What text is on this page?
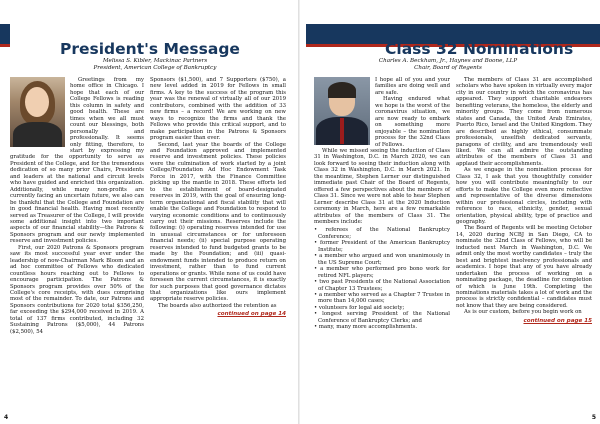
President's Message
Melissa S. Kibler, Mackinac Partners
President, American College of Bankruptcy

Greetings from my home office in Chicago. I hope that each of our College Fellows is reading this column in safety and good health. These are times when we all must count our blessings, both personally and professionally. It seems only fitting, therefore, to start by expressing my gratitude for the opportunity to serve as President of the College, and for the tremendous dedication of so many prior Chairs, Presidents and leaders at the national and circuit levels who have guided and enriched this organization. Additionally, while many non-profits are currently facing an uncertain future, we also can be thankful that the College and Foundation are in good financial health. Having most recently served as Treasurer of the College, I will provide some additional insight into two important aspects of our financial stability—the Patrons & Sponsors program and our newly implemented reserve and investment policies.

First, our 2020 Patrons & Sponsors program saw its most successful year ever under the leadership of now-Chairman Mark Bloom and an ad hoc committee of Fellows who dedicated countless hours reaching out to Fellows to encourage participation. The Patrons & Sponsors program provides over 50% of the College's core receipts, with dues comprising most of the remainder. To date, our Patrons and Sponsors contributions for 2020 total $356,250, far exceeding the $294,000 received in 2019. A total of 137 firms contributed, including 32 Sustaining Patrons ($5,000), 44 Patrons ($2,500), 54

Sponsors ($1,500), and 7 Supporters ($750), a new level added in 2019 for Fellows in small firms. A key to the success of the program this year was the renewal of virtually all of our 2019 contributors, combined with the addition of 33 new firms – a record! We are working on new ways to recognize the firms and thank the Fellows who provide this critical support, and to make participation in the Patrons & Sponsors program easier than ever.

Second, last year the boards of the College and Foundation approved and implemented reserve and investment policies. These policies were the culmination of work started by a joint College/Foundation Ad Hoc Endowment Task Force in 2017, with the Finance Committee picking up the mantle in 2018. These efforts led to the establishment of board-designated reserves in 2019, with the goal of ensuring long-term organizational and fiscal stability that will enable the College and Foundation to respond to varying economic conditions and to continuously carry out their missions. Reserves include the following: (i) operating reserves intended for use in unusual circumstances or for unforeseen financial needs; (ii) special purpose operating reserves intended to fund budgeted grants to be made by the Foundation; and (iii) quasi-endowment funds intended to produce return on investment, rather than to fund current operations or grants. While none of us could have foreseen the current circumstances, it is exactly for such purposes that good governance dictates that organizations like ours implement appropriate reserve policies.

The boards also authorized the retention as

continued on page 14
4
Class 32 Nominations
Charles A. Beckham, Jr., Haynes and Boone, LLP
Chair, Board of Regents

I hope all of you and your families are doing well and are safe.

Having endured what we hope is the worst of the coronavirus situation, we are now ready to embark on something more enjoyable – the nomination process for the 32nd Class of Fellows.

While we missed seeing the induction of Class 31 in Washington, D.C. in March 2020, we can look forward to seeing their induction along with Class 32 in Washington, D.C. in March 2021. In the meantime, Stephen Lerner our distinguished immediate past Chair of the Board of Regents, offered a few perspectives about the members of Class 31. Since we were not able to hear Stephen Lerner describe Class 31 at the 2020 Induction ceremony in March, here are a few remarkable attributes of the members of Class 31. The members include:

• referees of the National Bankruptcy Conference;
• former President of the American Bankruptcy Institute;
• a member who argued and won unanimously in the US Supreme Court;
• a member who performed pro bono work for retired NFL players;
• two past Presidents of the National Association of Chapter 13 Trustees;
• a member who served as a Chapter 7 Trustee in more than 14,000 cases;
• volunteers for legal aid society;
• longest serving President of the National Conference of Bankruptcy Clerks; and
• many, many more accomplishments.

The members of Class 31 are accomplished scholars who have spoken in virtually every major city in our country in which the coronavirus has appeared. They support charitable endeavors benefiting veterans, the homeless, the elderly and minority groups. They come from numerous states and Canada, the United Arab Emirates, Puerto Rico, Israel and the United Kingdom. They are described as highly ethical, consummate professionals, unselfish dedicated servants, paragons of civility, and are tremendously well liked. We can all admire the outstanding attributes of the members of Class 31 and applaud their accomplishments.

As we engage in the nomination process for Class 32, I ask that you thoughtfully consider how you will contribute meaningfully to our efforts to make the College even more reflective and representative of the diverse dimensions within our professional circles, including with reference to race, ethnicity, gender, sexual orientation, physical ability, type of practice and geography.

The Board of Regents will be meeting October 14, 2020 during NCBJ in San Diego, CA to nominate the 32nd Class of Fellows, who will be inducted next March in Washington, D.C. We admit only the most worthy candidates – truly the best and brightest insolvency professionals and academics. I hope that any of you have already undertaken the process of working on a nominating package, the deadline for completion of which is June 19th. Completing the nominations materials takes a lot of work and the process is strictly confidential – candidates must not know that they are being considered.

As is our custom, before you begin work on

continued on page 15
5
